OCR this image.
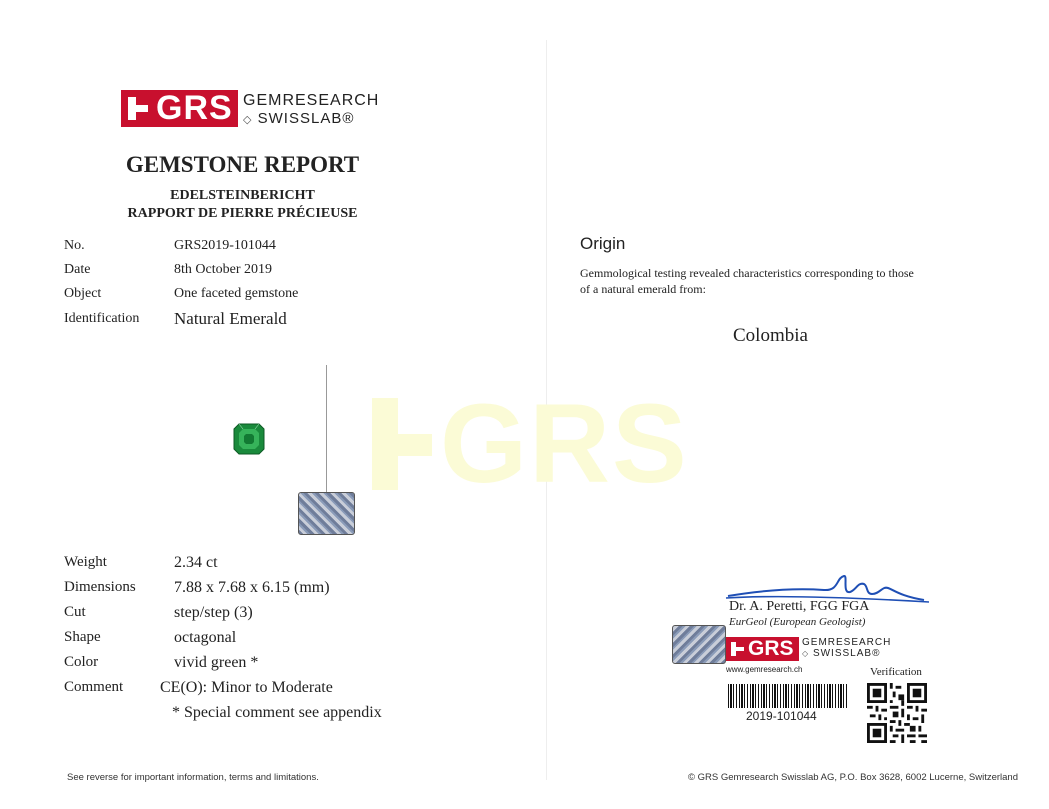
GRS
GRS GEMRESEARCH
◇ SWISSLAB®
GEMSTONE REPORT
EDELSTEINBERICHT
RAPPORT DE PIERRE PRÉCIEUSE
No.	GRS2019-101044
Date	8th October 2019
Object	One faceted gemstone
Identification Natural Emerald
Weight	2.34 ct
Dimensions 7.88 x 7.68 x 6.15 (mm)
Cut	step/step (3)
Shape	octagonal
Color	vivid green *
Comment CE(O): Minor to Moderate
* Special comment see appendix
Origin
Gemmological testing revealed characteristics corresponding to those
of a natural emerald from:
Colombia
Dr. A. Peretti, FGG FGA
EurGeol (European Geologist)
GRS GEMRESEARCH
◇ SWISSLAB®
www.gemresearch.ch	Verification
2019-101044
See reverse for important information, terms and limitations.	© GRS Gemresearch Swisslab AG, P.O. Box 3628, 6002 Lucerne, Switzerland
